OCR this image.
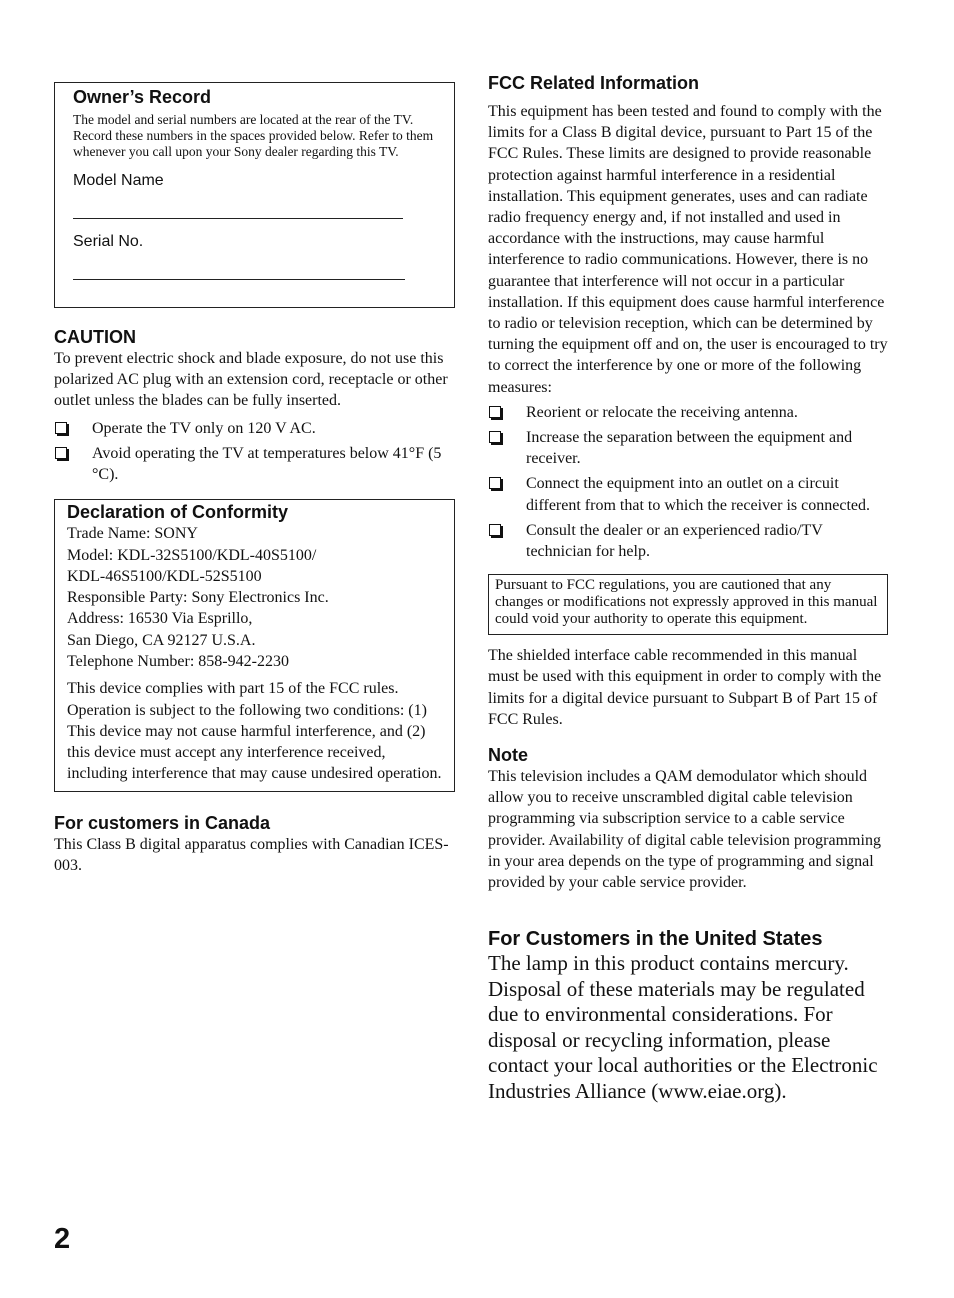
Owner’s Record

The model and serial numbers are located at the rear of the TV. Record these numbers in the spaces provided below. Refer to them whenever you call upon your Sony dealer regarding this TV.

Model Name
Serial No.
CAUTION

To prevent electric shock and blade exposure, do not use this polarized AC plug with an extension cord, receptacle or other outlet unless the blades can be fully inserted.

Operate the TV only on 120 V AC.
Avoid operating the TV at temperatures below 41°F (5 °C).
Declaration of Conformity
Trade Name: SONY
Model: KDL-32S5100/KDL-40S5100/
KDL-46S5100/KDL-52S5100
Responsible Party: Sony Electronics Inc.
Address: 16530 Via Esprillo,
San Diego, CA 92127 U.S.A.
Telephone Number: 858-942-2230
This device complies with part 15 of the FCC rules. Operation is subject to the following two conditions: (1) This device may not cause harmful interference, and (2) this device must accept any interference received, including interference that may cause undesired operation.
For customers in Canada

This Class B digital apparatus complies with Canadian ICES-003.

FCC Related Information

This equipment has been tested and found to comply with the limits for a Class B digital device, pursuant to Part 15 of the FCC Rules. These limits are designed to provide reasonable protection against harmful interference in a residential installation. This equipment generates, uses and can radiate radio frequency energy and, if not installed and used in accordance with the instructions, may cause harmful interference to radio communications. However, there is no guarantee that interference will not occur in a particular installation. If this equipment does cause harmful interference to radio or television reception, which can be determined by turning the equipment off and on, the user is encouraged to try to correct the interference by one or more of the following measures:

Reorient or relocate the receiving antenna.
Increase the separation between the equipment and receiver.
Connect the equipment into an outlet on a circuit different from that to which the receiver is connected.
Consult the dealer or an experienced radio/TV technician for help.

Pursuant to FCC regulations, you are cautioned that any changes or modifications not expressly approved in this manual could void your authority to operate this equipment.

The shielded interface cable recommended in this manual must be used with this equipment in order to comply with the limits for a digital device pursuant to Subpart B of Part 15 of FCC Rules.

Note

This television includes a QAM demodulator which should allow you to receive unscrambled digital cable television programming via subscription service to a cable service provider. Availability of digital cable television programming in your area depends on the type of programming and signal provided by your cable service provider.

For Customers in the United States

The lamp in this product contains mercury. Disposal of these materials may be regulated due to environmental considerations. For disposal or recycling information, please contact your local authorities or the Electronic Industries Alliance (www.eiae.org).

2
